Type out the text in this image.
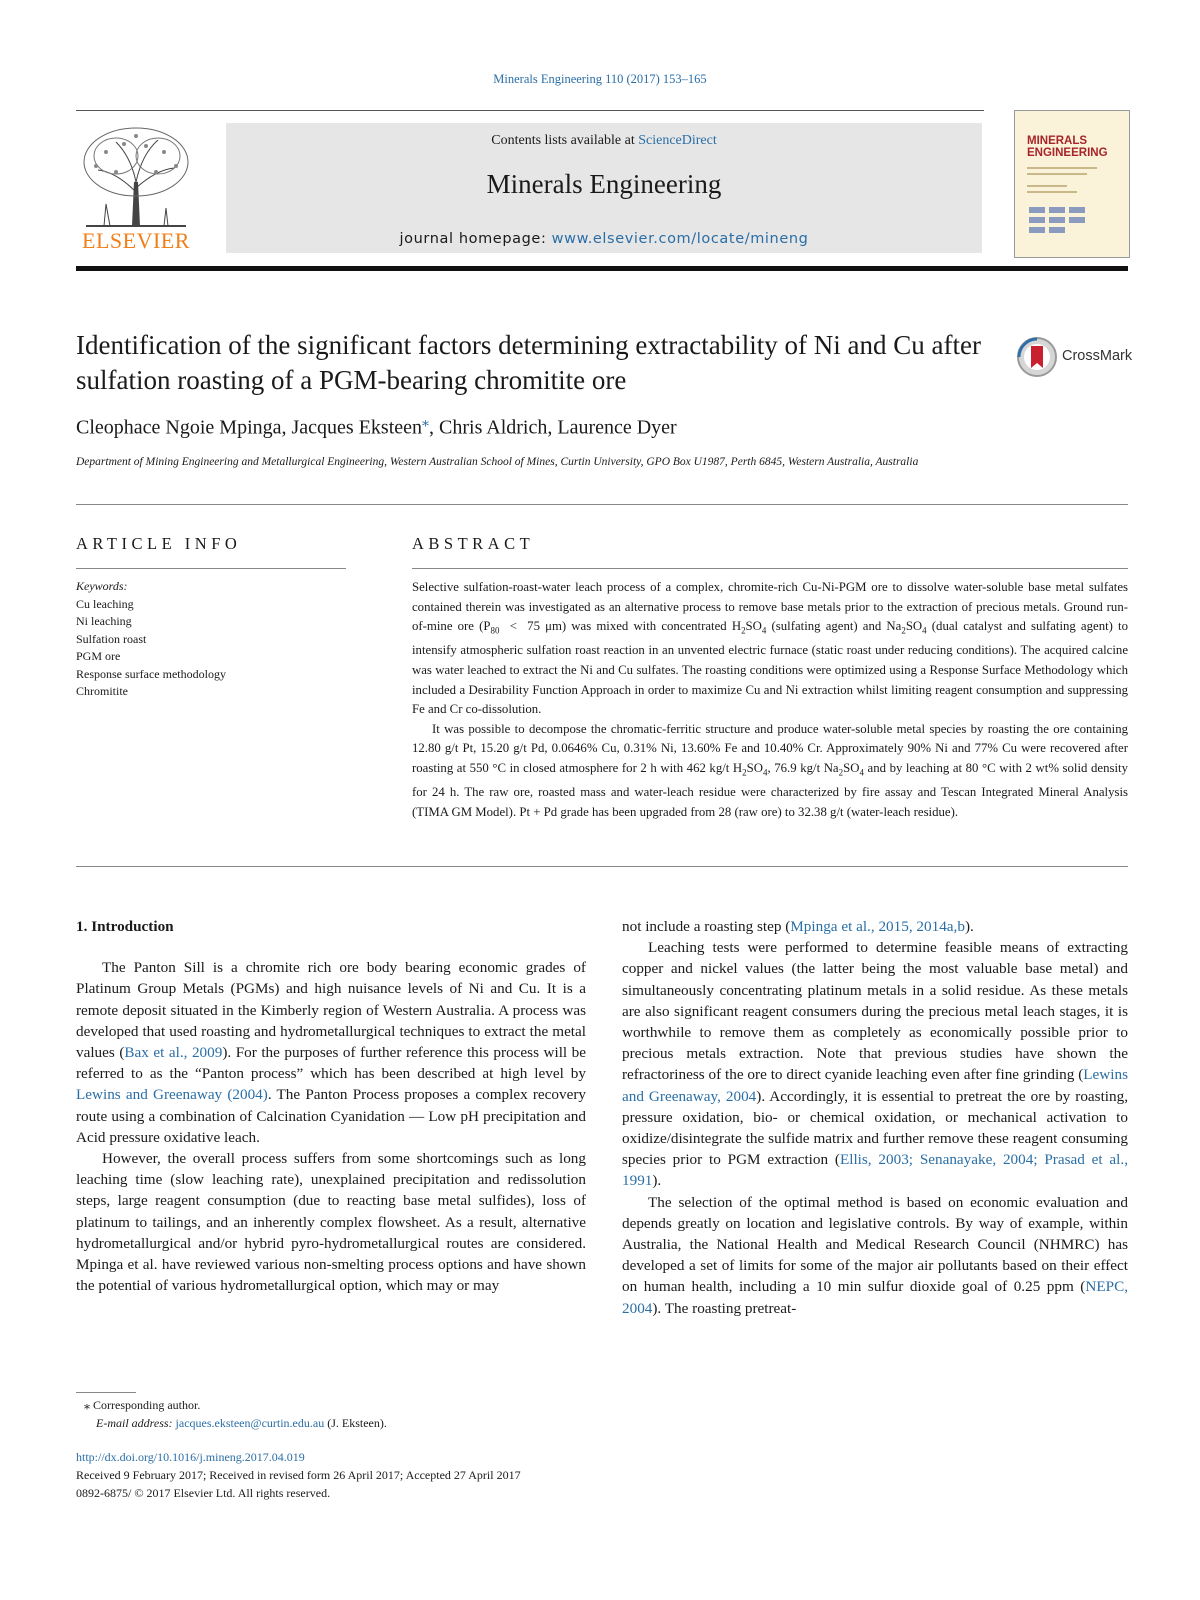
Minerals Engineering 110 (2017) 153–165
ELSEVIER
Contents lists available at ScienceDirect
Minerals Engineering
journal homepage: www.elsevier.com/locate/mineng
MINERALS
ENGINEERING
Identification of the significant factors determining extractability of Ni and Cu after sulfation roasting of a PGM-bearing chromitite ore
CrossMark
Cleophace Ngoie Mpinga, Jacques Eksteen⁎, Chris Aldrich, Laurence Dyer
Department of Mining Engineering and Metallurgical Engineering, Western Australian School of Mines, Curtin University, GPO Box U1987, Perth 6845, Western Australia, Australia
ARTICLE INFO	ABSTRACT
Keywords:
Cu leaching
Ni leaching
Sulfation roast
PGM ore
Response surface methodology
Chromitite

Selective sulfation-roast-water leach process of a complex, chromite-rich Cu-Ni-PGM ore to dissolve water-soluble base metal sulfates contained therein was investigated as an alternative process to remove base metals prior to the extraction of precious metals. Ground run-of-mine ore ($P_{80} < 75$ μm) was mixed with concentrated $H_2SO_4$ (sulfating agent) and $Na_2SO_4$ (dual catalyst and sulfating agent) to intensify atmospheric sulfation roast reaction in an unvented electric furnace (static roast under reducing conditions). The acquired calcine was water leached to extract the Ni and Cu sulfates. The roasting conditions were optimized using a Response Surface Methodology which included a Desirability Function Approach in order to maximize Cu and Ni extraction whilst limiting reagent consumption and suppressing Fe and Cr co-dissolution.

It was possible to decompose the chromatic-ferritic structure and produce water-soluble metal species by roasting the ore containing 12.80 g/t Pt, 15.20 g/t Pd, 0.0646% Cu, 0.31% Ni, 13.60% Fe and 10.40% Cr. Approximately 90% Ni and 77% Cu were recovered after roasting at 550 °C in closed atmosphere for 2 h with 462 kg/t $H_2SO_4$, 76.9 kg/t $Na_2SO_4$ and by leaching at 80 °C with 2 wt% solid density for 24 h. The raw ore, roasted mass and water-leach residue were characterized by fire assay and Tescan Integrated Mineral Analysis (TIMA GM Model). Pt + Pd grade has been upgraded from 28 (raw ore) to 32.38 g/t (water-leach residue).

1. Introduction

The Panton Sill is a chromite rich ore body bearing economic grades of Platinum Group Metals (PGMs) and high nuisance levels of Ni and Cu. It is a remote deposit situated in the Kimberly region of Western Australia. A process was developed that used roasting and hydrometallurgical techniques to extract the metal values (Bax et al., 2009). For the purposes of further reference this process will be referred to as the “Panton process” which has been described at high level by Lewins and Greenaway (2004). The Panton Process proposes a complex recovery route using a combination of Calcination Cyanidation — Low pH precipitation and Acid pressure oxidative leach.

However, the overall process suffers from some shortcomings such as long leaching time (slow leaching rate), unexplained precipitation and redissolution steps, large reagent consumption (due to reacting base metal sulfides), loss of platinum to tailings, and an inherently complex flowsheet. As a result, alternative hydrometallurgical and/or hybrid pyro-hydrometallurgical routes are considered. Mpinga et al. have reviewed various non-smelting process options and have shown the potential of various hydrometallurgical option, which may or may

not include a roasting step (Mpinga et al., 2015, 2014a,b).

Leaching tests were performed to determine feasible means of extracting copper and nickel values (the latter being the most valuable base metal) and simultaneously concentrating platinum metals in a solid residue. As these metals are also significant reagent consumers during the precious metal leach stages, it is worthwhile to remove them as completely as economically possible prior to precious metals extraction. Note that previous studies have shown the refractoriness of the ore to direct cyanide leaching even after fine grinding (Lewins and Greenaway, 2004). Accordingly, it is essential to pretreat the ore by roasting, pressure oxidation, bio- or chemical oxidation, or mechanical activation to oxidize/disintegrate the sulfide matrix and further remove these reagent consuming species prior to PGM extraction (Ellis, 2003; Senanayake, 2004; Prasad et al., 1991).

The selection of the optimal method is based on economic evaluation and depends greatly on location and legislative controls. By way of example, within Australia, the National Health and Medical Research Council (NHMRC) has developed a set of limits for some of the major air pollutants based on their effect on human health, including a 10 min sulfur dioxide goal of 0.25 ppm (NEPC, 2004). The roasting pretreat-

⁎ Corresponding author.
E-mail address: jacques.eksteen@curtin.edu.au (J. Eksteen).
http://dx.doi.org/10.1016/j.mineng.2017.04.019
Received 9 February 2017; Received in revised form 26 April 2017; Accepted 27 April 2017
0892-6875/ © 2017 Elsevier Ltd. All rights reserved.
